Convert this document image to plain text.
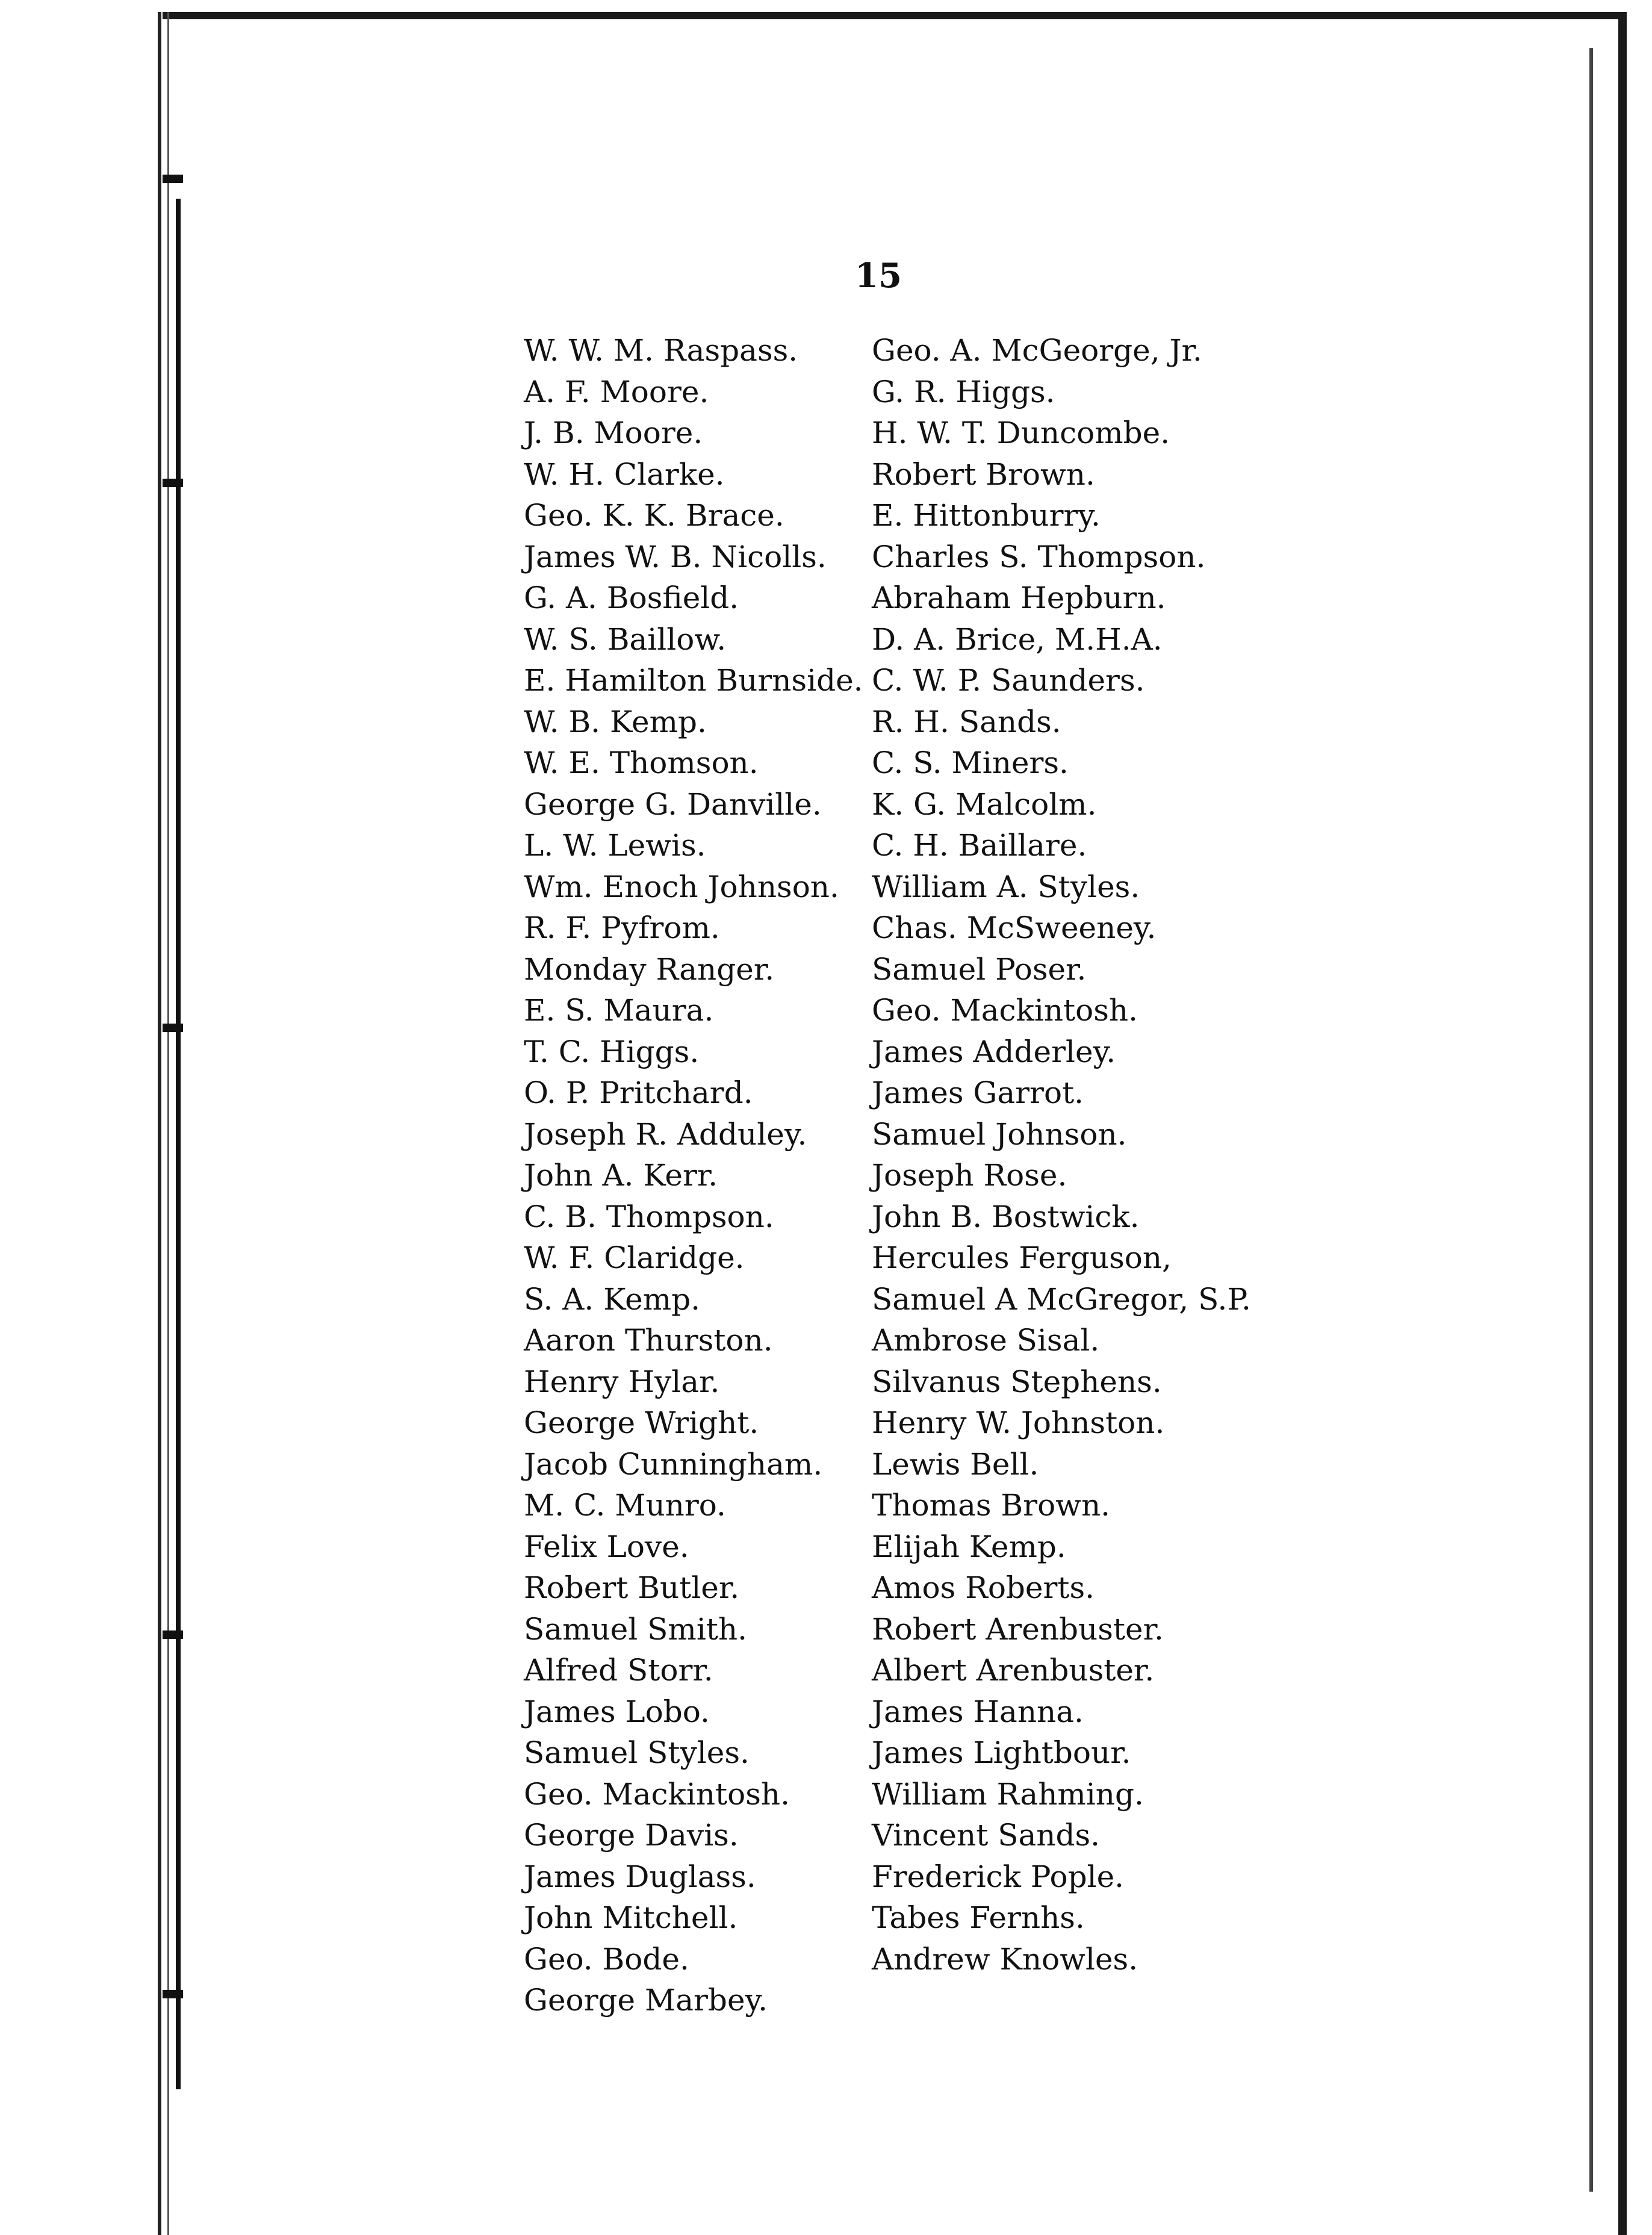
15
W. W. M. Raspass.
A. F. Moore.
J. B. Moore.
W. H. Clarke.
Geo. K. K. Brace.
James W. B. Nicolls.
G. A. Bosfield.
W. S. Baillow.
E. Hamilton Burnside.
W. B. Kemp.
W. E. Thomson.
George G. Danville.
L. W. Lewis.
Wm. Enoch Johnson.
R. F. Pyfrom.
Monday Ranger.
E. S. Maura.
T. C. Higgs.
O. P. Pritchard.
Joseph R. Adduley.
John A. Kerr.
C. B. Thompson.
W. F. Claridge.
S. A. Kemp.
Aaron Thurston.
Henry Hylar.
George Wright.
Jacob Cunningham.
M. C. Munro.
Felix Love.
Robert Butler.
Samuel Smith.
Alfred Storr.
James Lobo.
Samuel Styles.
Geo. Mackintosh.
George Davis.
James Duglass.
John Mitchell.
Geo. Bode.
George Marbey.
Geo. A. McGeorge, Jr.
G. R. Higgs.
H. W. T. Duncombe.
Robert Brown.
E. Hittonburry.
Charles S. Thompson.
Abraham Hepburn.
D. A. Brice, M.H.A.
C. W. P. Saunders.
R. H. Sands.
C. S. Miners.
K. G. Malcolm.
C. H. Baillare.
William A. Styles.
Chas. McSweeney.
Samuel Poser.
Geo. Mackintosh.
James Adderley.
James Garrot.
Samuel Johnson.
Joseph Rose.
John B. Bostwick.
Hercules Ferguson,
Samuel A McGregor, S.P.
Ambrose Sisal.
Silvanus Stephens.
Henry W. Johnston.
Lewis Bell.
Thomas Brown.
Elijah Kemp.
Amos Roberts.
Robert Arenbuster.
Albert Arenbuster.
James Hanna.
James Lightbour.
William Rahming.
Vincent Sands.
Frederick Pople.
Tabes Fernhs.
Andrew Knowles.
